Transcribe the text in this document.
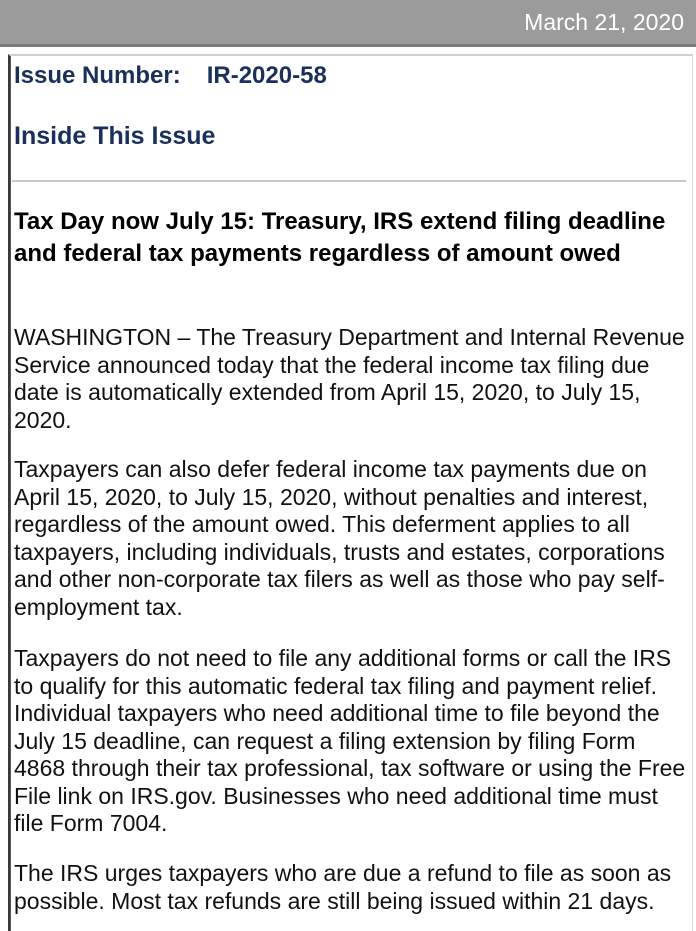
March 21, 2020
Issue Number: IR-2020-58
Inside This Issue
Tax Day now July 15: Treasury, IRS extend filing deadline and federal tax payments regardless of amount owed
WASHINGTON – The Treasury Department and Internal Revenue Service announced today that the federal income tax filing due date is automatically extended from April 15, 2020, to July 15, 2020.
Taxpayers can also defer federal income tax payments due on April 15, 2020, to July 15, 2020, without penalties and interest, regardless of the amount owed. This deferment applies to all taxpayers, including individuals, trusts and estates, corporations and other non-corporate tax filers as well as those who pay self-employment tax.
Taxpayers do not need to file any additional forms or call the IRS to qualify for this automatic federal tax filing and payment relief. Individual taxpayers who need additional time to file beyond the July 15 deadline, can request a filing extension by filing Form 4868 through their tax professional, tax software or using the Free File link on IRS.gov. Businesses who need additional time must file Form 7004.
The IRS urges taxpayers who are due a refund to file as soon as possible. Most tax refunds are still being issued within 21 days.
